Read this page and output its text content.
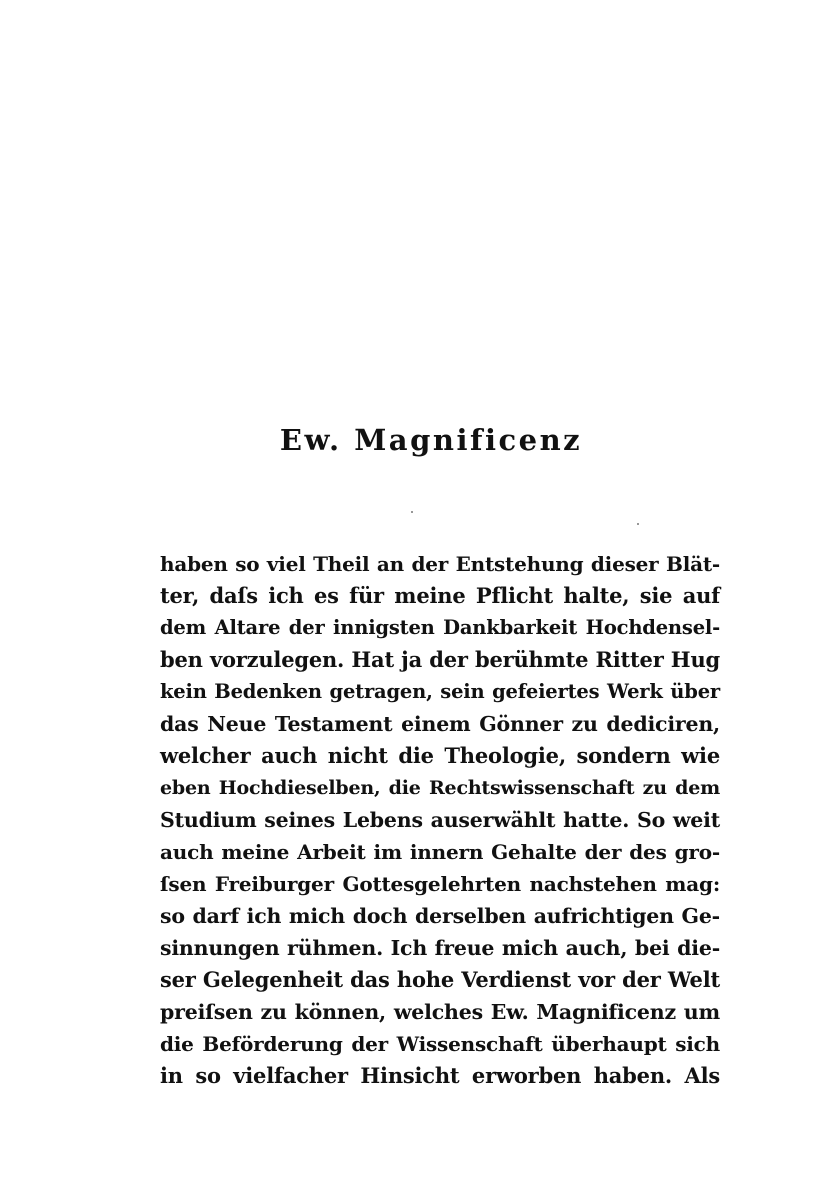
Ew. Magnificenz
haben so viel Theil an der Entstehung dieser Blät-
ter, daſs ich es für meine Pflicht halte, sie auf
dem Altare der innigsten Dankbarkeit Hochdensel-
ben vorzulegen. Hat ja der berühmte Ritter Hug
kein Bedenken getragen, sein gefeiertes Werk über
das Neue Testament einem Gönner zu dediciren,
welcher auch nicht die Theologie, sondern wie
eben Hochdieselben, die Rechtswissenschaft zu dem
Studium seines Lebens auserwählt hatte. So weit
auch meine Arbeit im innern Gehalte der des gro-
ſsen Freiburger Gottesgelehrten nachstehen mag:
so darf ich mich doch derselben aufrichtigen Ge-
sinnungen rühmen. Ich freue mich auch, bei die-
ser Gelegenheit das hohe Verdienst vor der Welt
preiſsen zu können, welches Ew. Magnificenz um
die Beförderung der Wissenschaft überhaupt sich
in so vielfacher Hinsicht erworben haben. Als
